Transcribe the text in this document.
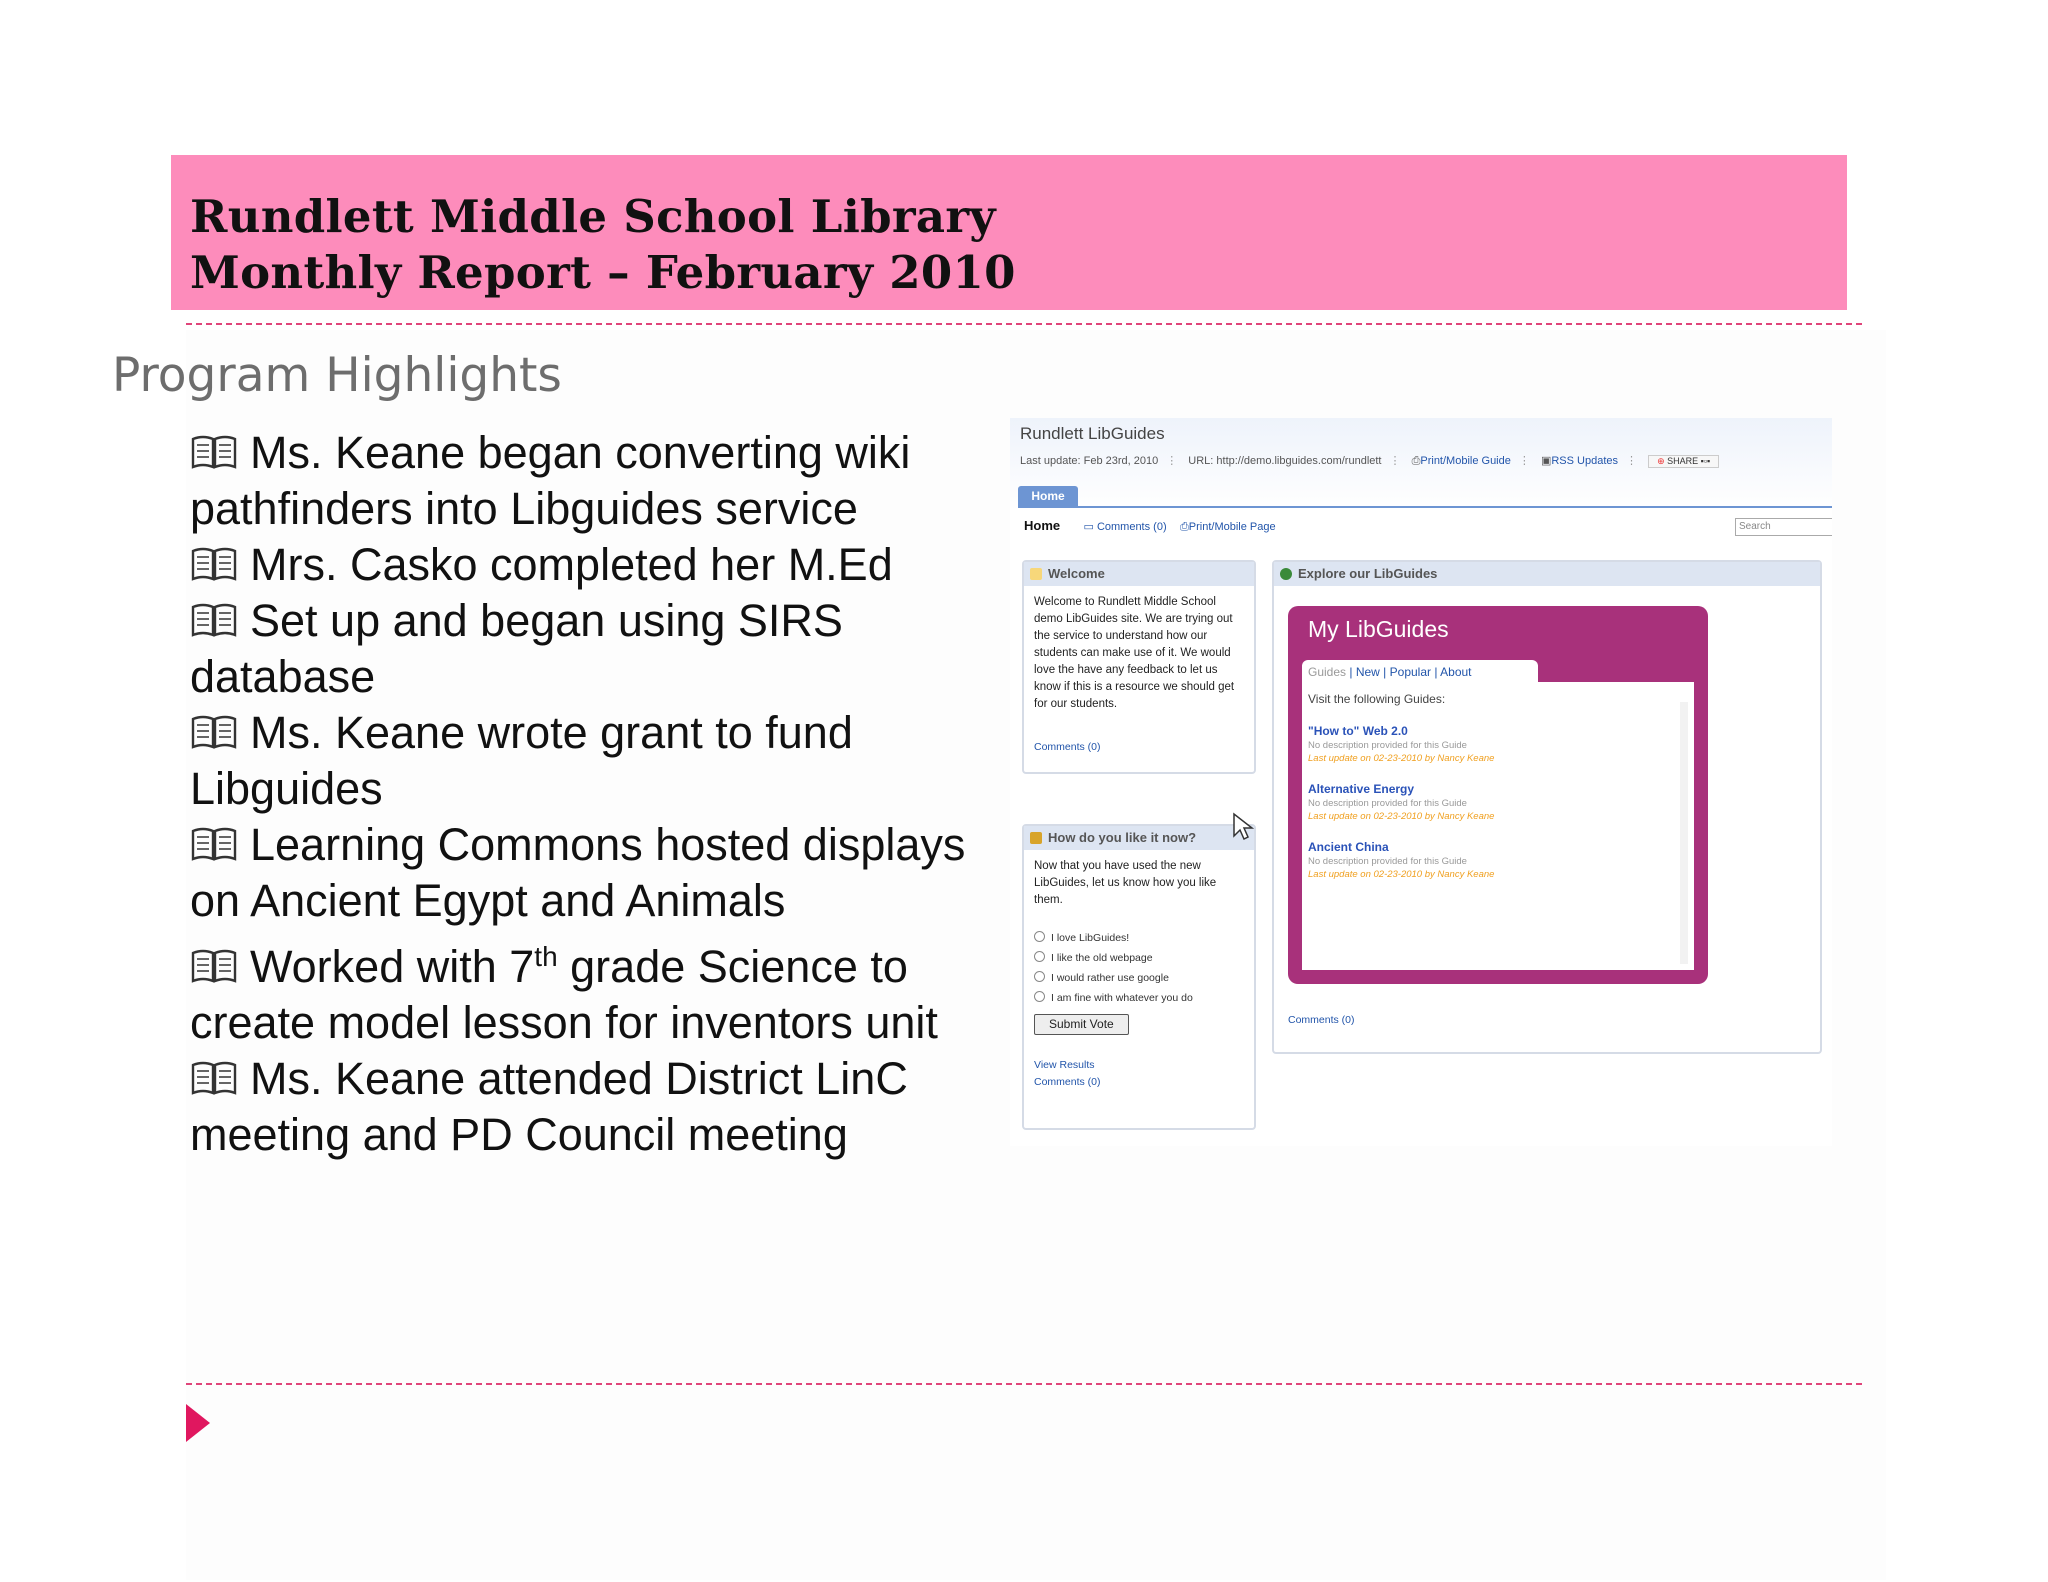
Rundlett Middle School Library
Monthly Report – February 2010
Program Highlights

Ms. Keane began converting wiki pathfinders into Libguides service

Mrs. Casko completed her M.Ed

Set up and began using SIRS database

Ms. Keane wrote grant to fund Libguides

Learning Commons hosted displays on Ancient Egypt and Animals

Worked with 7th grade Science to create model lesson for inventors unit

Ms. Keane attended District LinC meeting and PD Council meeting

Rundlett LibGuides
Last update: Feb 23rd, 2010 ⋮ URL: http://demo.libguides.com/rundlett ⋮ ⎙Print/Mobile Guide ⋮ ▣RSS Updates ⋮ ⊕ SHARE ▪▫▪
Home
Home ▭ Comments (0) ⎙Print/Mobile Page	Search
Welcome
Welcome to Rundlett Middle School demo LibGuides site. We are trying out the service to understand how our students can make use of it. We would love the have any feedback to let us know if this is a resource we should get for our students.
Comments (0)
How do you like it now?
Now that you have used the new LibGuides, let us know how you like them.
I love LibGuides!
I like the old webpage
I would rather use google
I am fine with whatever you do
Submit Vote
View Results
Comments (0)
Explore our LibGuides
Comments (0)
My LibGuides
Guides | New | Popular | About
Visit the following Guides:
"How to" Web 2.0
No description provided for this Guide
Last update on 02-23-2010 by Nancy Keane
Alternative Energy
No description provided for this Guide
Last update on 02-23-2010 by Nancy Keane
Ancient China
No description provided for this Guide
Last update on 02-23-2010 by Nancy Keane
